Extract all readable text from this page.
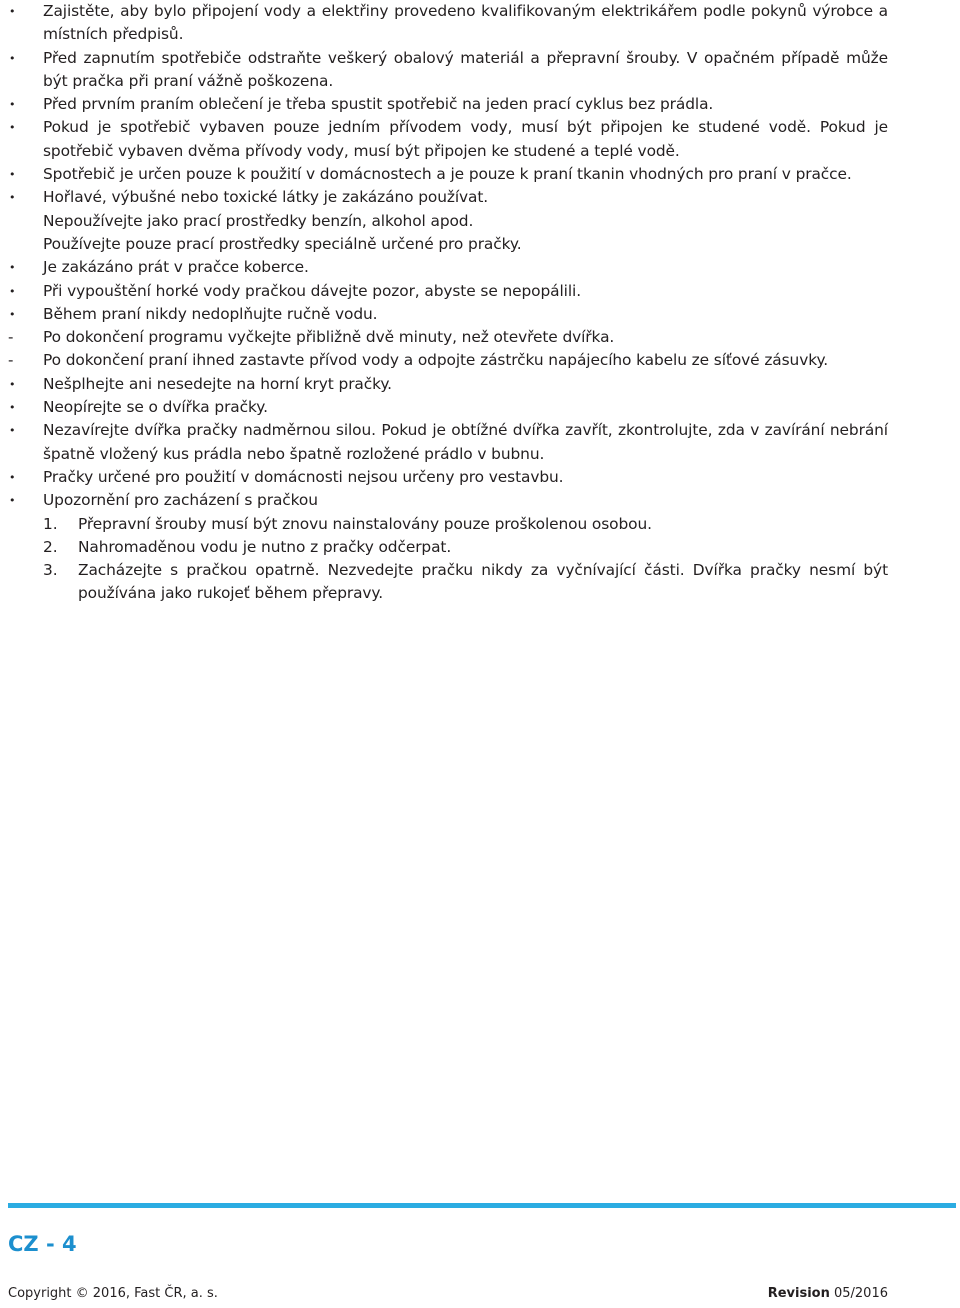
•	Zajistěte, aby bylo připojení vody a elektřiny provedeno kvalifikovaným elektrikářem podle pokynů výrobce a místních předpisů.
•	Před zapnutím spotřebiče odstraňte veškerý obalový materiál a přepravní šrouby. V opačném případě může být pračka při praní vážně poškozena.
•	Před prvním praním oblečení je třeba spustit spotřebič na jeden prací cyklus bez prádla.
•	Pokud je spotřebič vybaven pouze jedním přívodem vody, musí být připojen ke studené vodě. Pokud je spotřebič vybaven dvěma přívody vody, musí být připojen ke studené a teplé vodě.
•	Spotřebič je určen pouze k použití v domácnostech a je pouze k praní tkanin vhodných pro praní v pračce.
•	Hořlavé, výbušné nebo toxické látky je zakázáno používat.
Nepoužívejte jako prací prostředky benzín, alkohol apod.
Používejte pouze prací prostředky speciálně určené pro pračky.
•	Je zakázáno prát v pračce koberce.
•	Při vypouštění horké vody pračkou dávejte pozor, abyste se nepopálili.
•	Během praní nikdy nedoplňujte ručně vodu.
-	Po dokončení programu vyčkejte přibližně dvě minuty, než otevřete dvířka.
-	Po dokončení praní ihned zastavte přívod vody a odpojte zástrčku napájecího kabelu ze síťové zásuvky.
•	Nešplhejte ani nesedejte na horní kryt pračky.
•	Neopírejte se o dvířka pračky.
•	Nezavírejte dvířka pračky nadměrnou silou. Pokud je obtížné dvířka zavřít, zkontrolujte, zda v zavírání nebrání špatně vložený kus prádla nebo špatně rozložené prádlo v bubnu.
•	Pračky určené pro použití v domácnosti nejsou určeny pro vestavbu.
•	Upozornění pro zacházení s pračkou
1. Přepravní šrouby musí být znovu nainstalovány pouze proškolenou osobou.
2. Nahromaděnou vodu je nutno z pračky odčerpat.
3. Zacházejte s pračkou opatrně. Nezvedejte pračku nikdy za vyčnívající části. Dvířka pračky nesmí být používána jako rukojeť během přepravy.
CZ - 4
Copyright © 2016, Fast ČR, a. s.	Revision 05/2016
